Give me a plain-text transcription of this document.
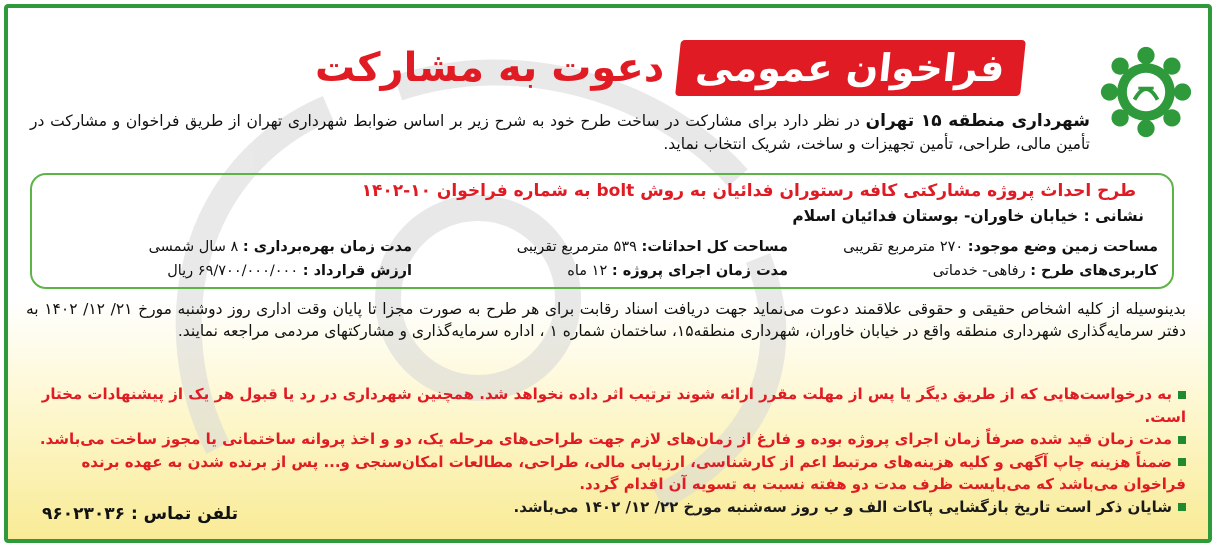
فراخوان عمومی
دعوت به مشارکت
شهرداری منطقه ۱۵ تهران در نظر دارد برای مشارکت در ساخت طرح خود به شرح زیر بر اساس ضوابط شهرداری تهران از طریق فراخوان و مشارکت در تأمین مالی، طراحی، تأمین تجهیزات و ساخت، شریک انتخاب نماید.
طرح احداث پروژه مشارکتی کافه رستوران فدائیان به روش bolt به شماره فراخوان ۱۰-۱۴۰۲
نشانی : خیابان خاوران- بوستان فدائیان اسلام
مساحت زمین وضع موجود: ۲۷۰ مترمربع تقریبی
مساحت کل احداثات: ۵۳۹ مترمربع تقریبی
مدت زمان بهره‌برداری : ۸ سال شمسی
کاربری‌های طرح : رفاهی- خدماتی
مدت زمان اجرای پروژه : ۱۲ ماه
ارزش قرارداد : ۶۹/۷۰۰/۰۰۰/۰۰۰ ریال
بدینوسیله از کلیه اشخاص حقیقی و حقوقی علاقمند دعوت می‌نماید جهت دریافت اسناد رقابت برای هر طرح به صورت مجزا تا پایان وقت اداری روز دوشنبه مورخ ۲۱/ ۱۲/ ۱۴۰۲ به دفتر سرمایه‌گذاری شهرداری منطقه واقع در خیابان خاوران، شهرداری منطقه۱۵، ساختمان شماره ۱ ، اداره سرمایه‌گذاری و مشارکتهای مردمی مراجعه نمایند.

به درخواست‌هایی که از طریق دیگر یا پس از مهلت مقرر ارائه شوند ترتیب اثر داده نخواهد شد. همچنین شهرداری در رد یا قبول هر یک از پیشنهادات مختار است.

مدت زمان قید شده صرفاً زمان اجرای پروژه بوده و فارغ از زمان‌های لازم جهت طراحی‌های مرحله یک، دو و اخذ پروانه ساختمانی یا مجوز ساخت می‌باشد.

ضمناً هزینه چاپ آگهی و کلیه هزینه‌های مرتبط اعم از کارشناسی، ارزیابی مالی، طراحی، مطالعات امکان‌سنجی و... پس از برنده شدن به عهده برنده فراخوان می‌باشد که می‌بایست ظرف مدت دو هفته نسبت به تسویه آن اقدام گردد.

شایان ذکر است تاریخ بازگشایی پاکات الف و ب روز سه‌شنبه مورخ ۲۲/ ۱۲/ ۱۴۰۲ می‌باشد.

تلفن تماس : ۹۶۰۲۳۰۳۶
